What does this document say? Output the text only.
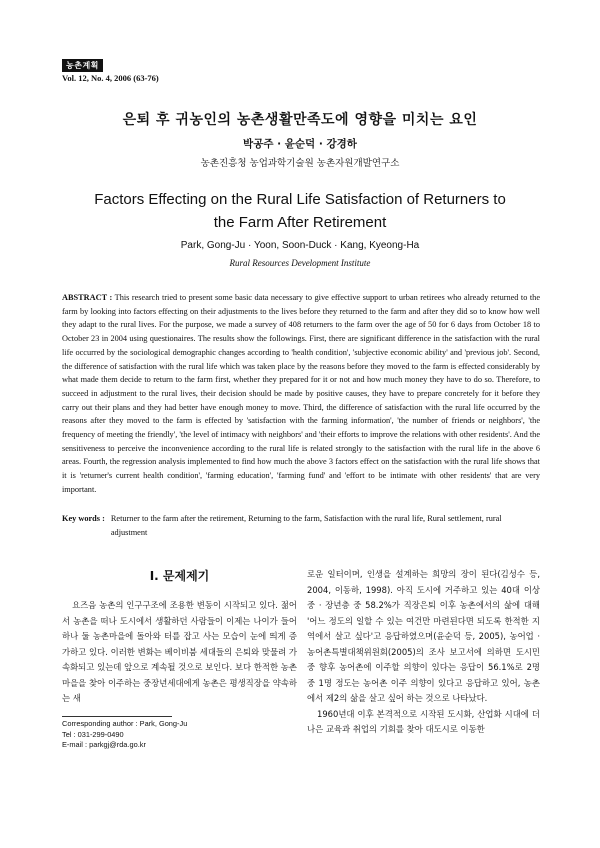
농촌계획
Vol. 12, No. 4, 2006 (63-76)
은퇴 후 귀농인의 농촌생활만족도에 영향을 미치는 요인
박공주 · 윤순덕 · 강경하
농촌진흥청 농업과학기술원 농촌자원개발연구소
Factors Effecting on the Rural Life Satisfaction of Returners to the Farm After Retirement
Park, Gong-Ju · Yoon, Soon-Duck · Kang, Kyeong-Ha
Rural Resources Development Institute
ABSTRACT : This research tried to present some basic data necessary to give effective support to urban retirees who already returned to the farm by looking into factors effecting on their adjustments to the lives before they returned to the farm and after they did so to know how well they adapt to the rural lives. For the purpose, we made a survey of 408 returners to the farm over the age of 50 for 6 days from October 18 to October 23 in 2004 using questionaires. The results show the followings. First, there are significant difference in the satisfaction with the rural life occurred by the sociological demographic changes according to 'health condition', 'subjective economic ability' and 'previous job'. Second, the difference of satisfaction with the rural life which was taken place by the reasons before they moved to the farm is effected considerably by what made them decide to return to the farm first, whether they prepared for it or not and how much money they have to do so. Therefore, to succeed in adjustment to the rural lives, their decision should be made by positive causes, they have to prepare concretely for it before they carry out their plans and they had better have enough money to move. Third, the difference of satisfaction with the rural life occurred by the reasons after they moved to the farm is effected by 'satisfaction with the farming information', 'the number of friends or neighbors', 'the frequency of meeting the friendly', 'the level of intimacy with neighbors' and 'their efforts to improve the relations with other residents'. And the sensitiveness to perceive the inconvenience according to the rural life is related strongly to the satisfaction with the rural life in the above 6 areas. Fourth, the regression analysis implemented to find how much the above 3 factors effect on the satisfaction with the rural life shows that it is 'returner's current health condition', 'farming education', 'farming fund' and 'effort to be intimate with other residents' that are very important.
Key words : Returner to the farm after the retirement, Returning to the farm, Satisfaction with the rural life, Rural settlement, rural adjustment
Ⅰ. 문제제기

요즈음 농촌의 인구구조에 조용한 변동이 시작되고 있다. 젊어서 농촌을 떠나 도시에서 생활하던 사람들이 이제는 나이가 들어 하나 둘 농촌마을에 돌아와 터를 잡고 사는 모습이 눈에 띄게 증가하고 있다. 이러한 변화는 베이비붐 세대들의 은퇴와 맞물려 가속화되고 있는데 앞으로 계속될 것으로 보인다. 보다 한적한 농촌마을을 찾아 이주하는 중장년세대에게 농촌은 평생직장을 약속하는 새

Corresponding author : Park, Gong-Ju
Tel : 031-299-0490
E-mail : parkgj@rda.go.kr

로운 일터이며, 인생을 설계하는 희망의 장이 된다(김성수 등, 2004, 이동하, 1998). 아직 도시에 거주하고 있는 40대 이상 중 · 장년층 중 58.2%가 직장은퇴 이후 농촌에서의 삶에 대해 '어느 정도의 일할 수 있는 여건만 마련된다면 되도록 한적한 지역에서 살고 싶다'고 응답하였으며(윤순덕 등, 2005), 농어업 · 농어촌특별대책위원회(2005)의 조사 보고서에 의하면 도시민 중 향후 농어촌에 이주할 의향이 있다는 응답이 56.1%로 2명 중 1명 정도는 농어촌 이주 의향이 있다고 응답하고 있어, 농촌에서 제2의 삶을 살고 싶어 하는 것으로 나타났다.

1960년대 이후 본격적으로 시작된 도시화, 산업화 시대에 더 나은 교육과 취업의 기회를 찾아 대도시로 이동한
